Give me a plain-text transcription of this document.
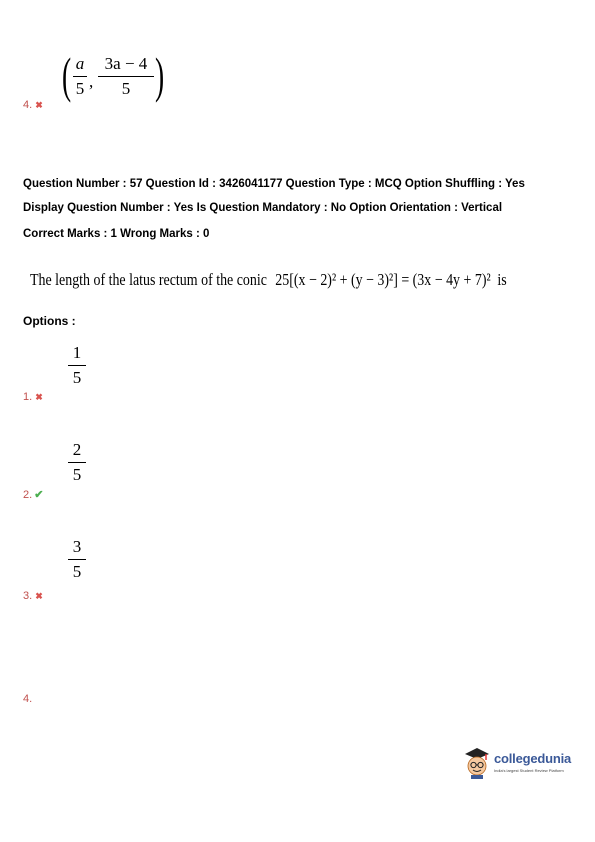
( a
5 ,
3a − 4
5 )
4. ✖
Question Number : 57 Question Id : 3426041177 Question Type : MCQ Option Shuffling : Yes
Display Question Number : Yes Is Question Mandatory : No Option Orientation : Vertical
Correct Marks : 1 Wrong Marks : 0
The length of the latus rectum of the conic 25[(x − 2)² + (y − 3)²] = (3x − 4y + 7)² is
Options :
1
5
1. ✖
2
5
2. ✔
3
5
3. ✖
4.
collegedunia
India's largest Student Review Platform
